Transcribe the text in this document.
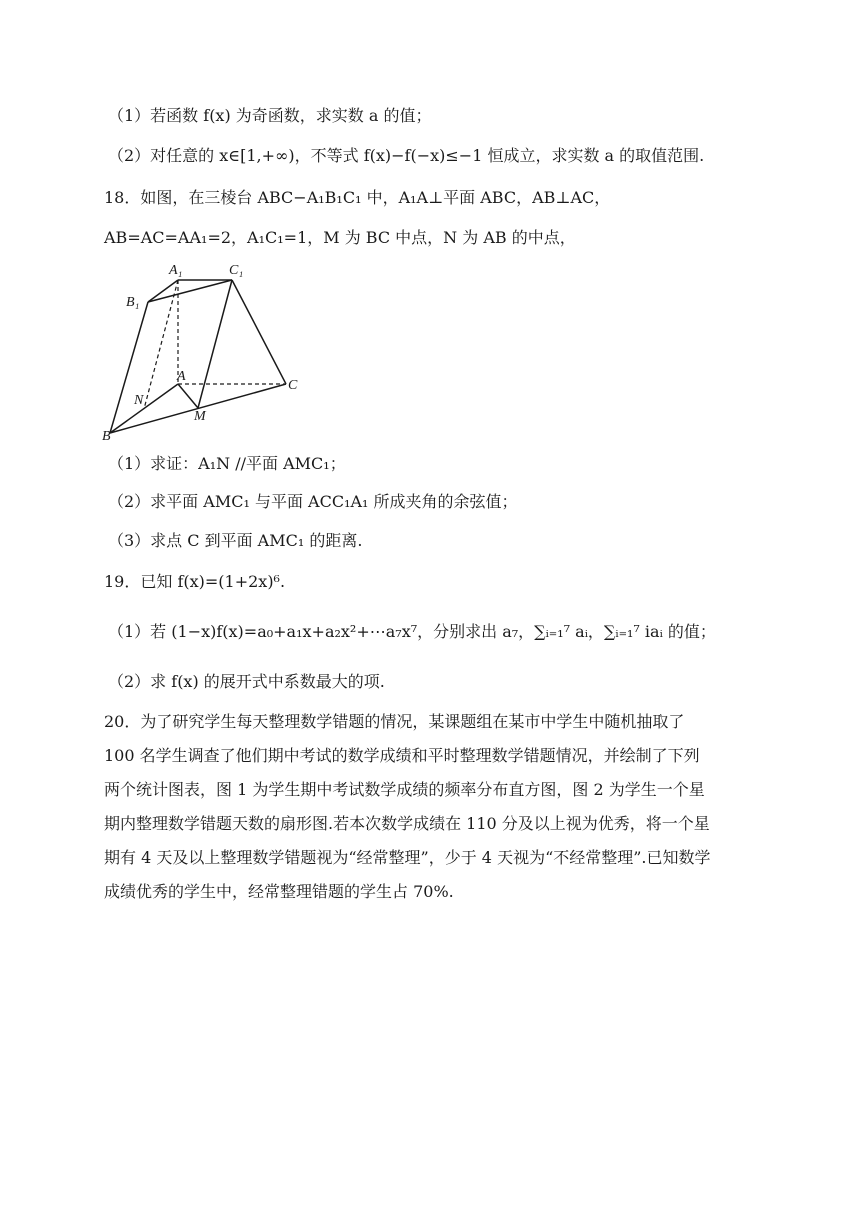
（1）若函数 f(x) 为奇函数，求实数 a 的值；
（2）对任意的 x∈[1,+∞)，不等式 f(x)−f(−x)≤−1 恒成立，求实数 a 的取值范围.
18．如图，在三棱台 ABC−A₁B₁C₁ 中，A₁A⊥平面 ABC，AB⊥AC，
AB=AC=AA₁=2，A₁C₁=1，M 为 BC 中点，N 为 AB 的中点，
A₁	C₁
B₁
A
C
N
M
B
（1）求证：A₁N //平面 AMC₁；
（2）求平面 AMC₁ 与平面 ACC₁A₁ 所成夹角的余弦值；
（3）求点 C 到平面 AMC₁ 的距离.
19．已知 f(x)=(1+2x)⁶.
（1）若 (1−x)f(x)=a₀+a₁x+a₂x²+⋯a₇x⁷，分别求出 a₇，∑ᵢ₌₁⁷ aᵢ，∑ᵢ₌₁⁷ iaᵢ 的值；
（2）求 f(x) 的展开式中系数最大的项.
20．为了研究学生每天整理数学错题的情况，某课题组在某市中学生中随机抽取了
100 名学生调查了他们期中考试的数学成绩和平时整理数学错题情况，并绘制了下列
两个统计图表，图 1 为学生期中考试数学成绩的频率分布直方图，图 2 为学生一个星
期内整理数学错题天数的扇形图.若本次数学成绩在 110 分及以上视为优秀，将一个星
期有 4 天及以上整理数学错题视为“经常整理”，少于 4 天视为“不经常整理”.已知数学
成绩优秀的学生中，经常整理错题的学生占 70%.
